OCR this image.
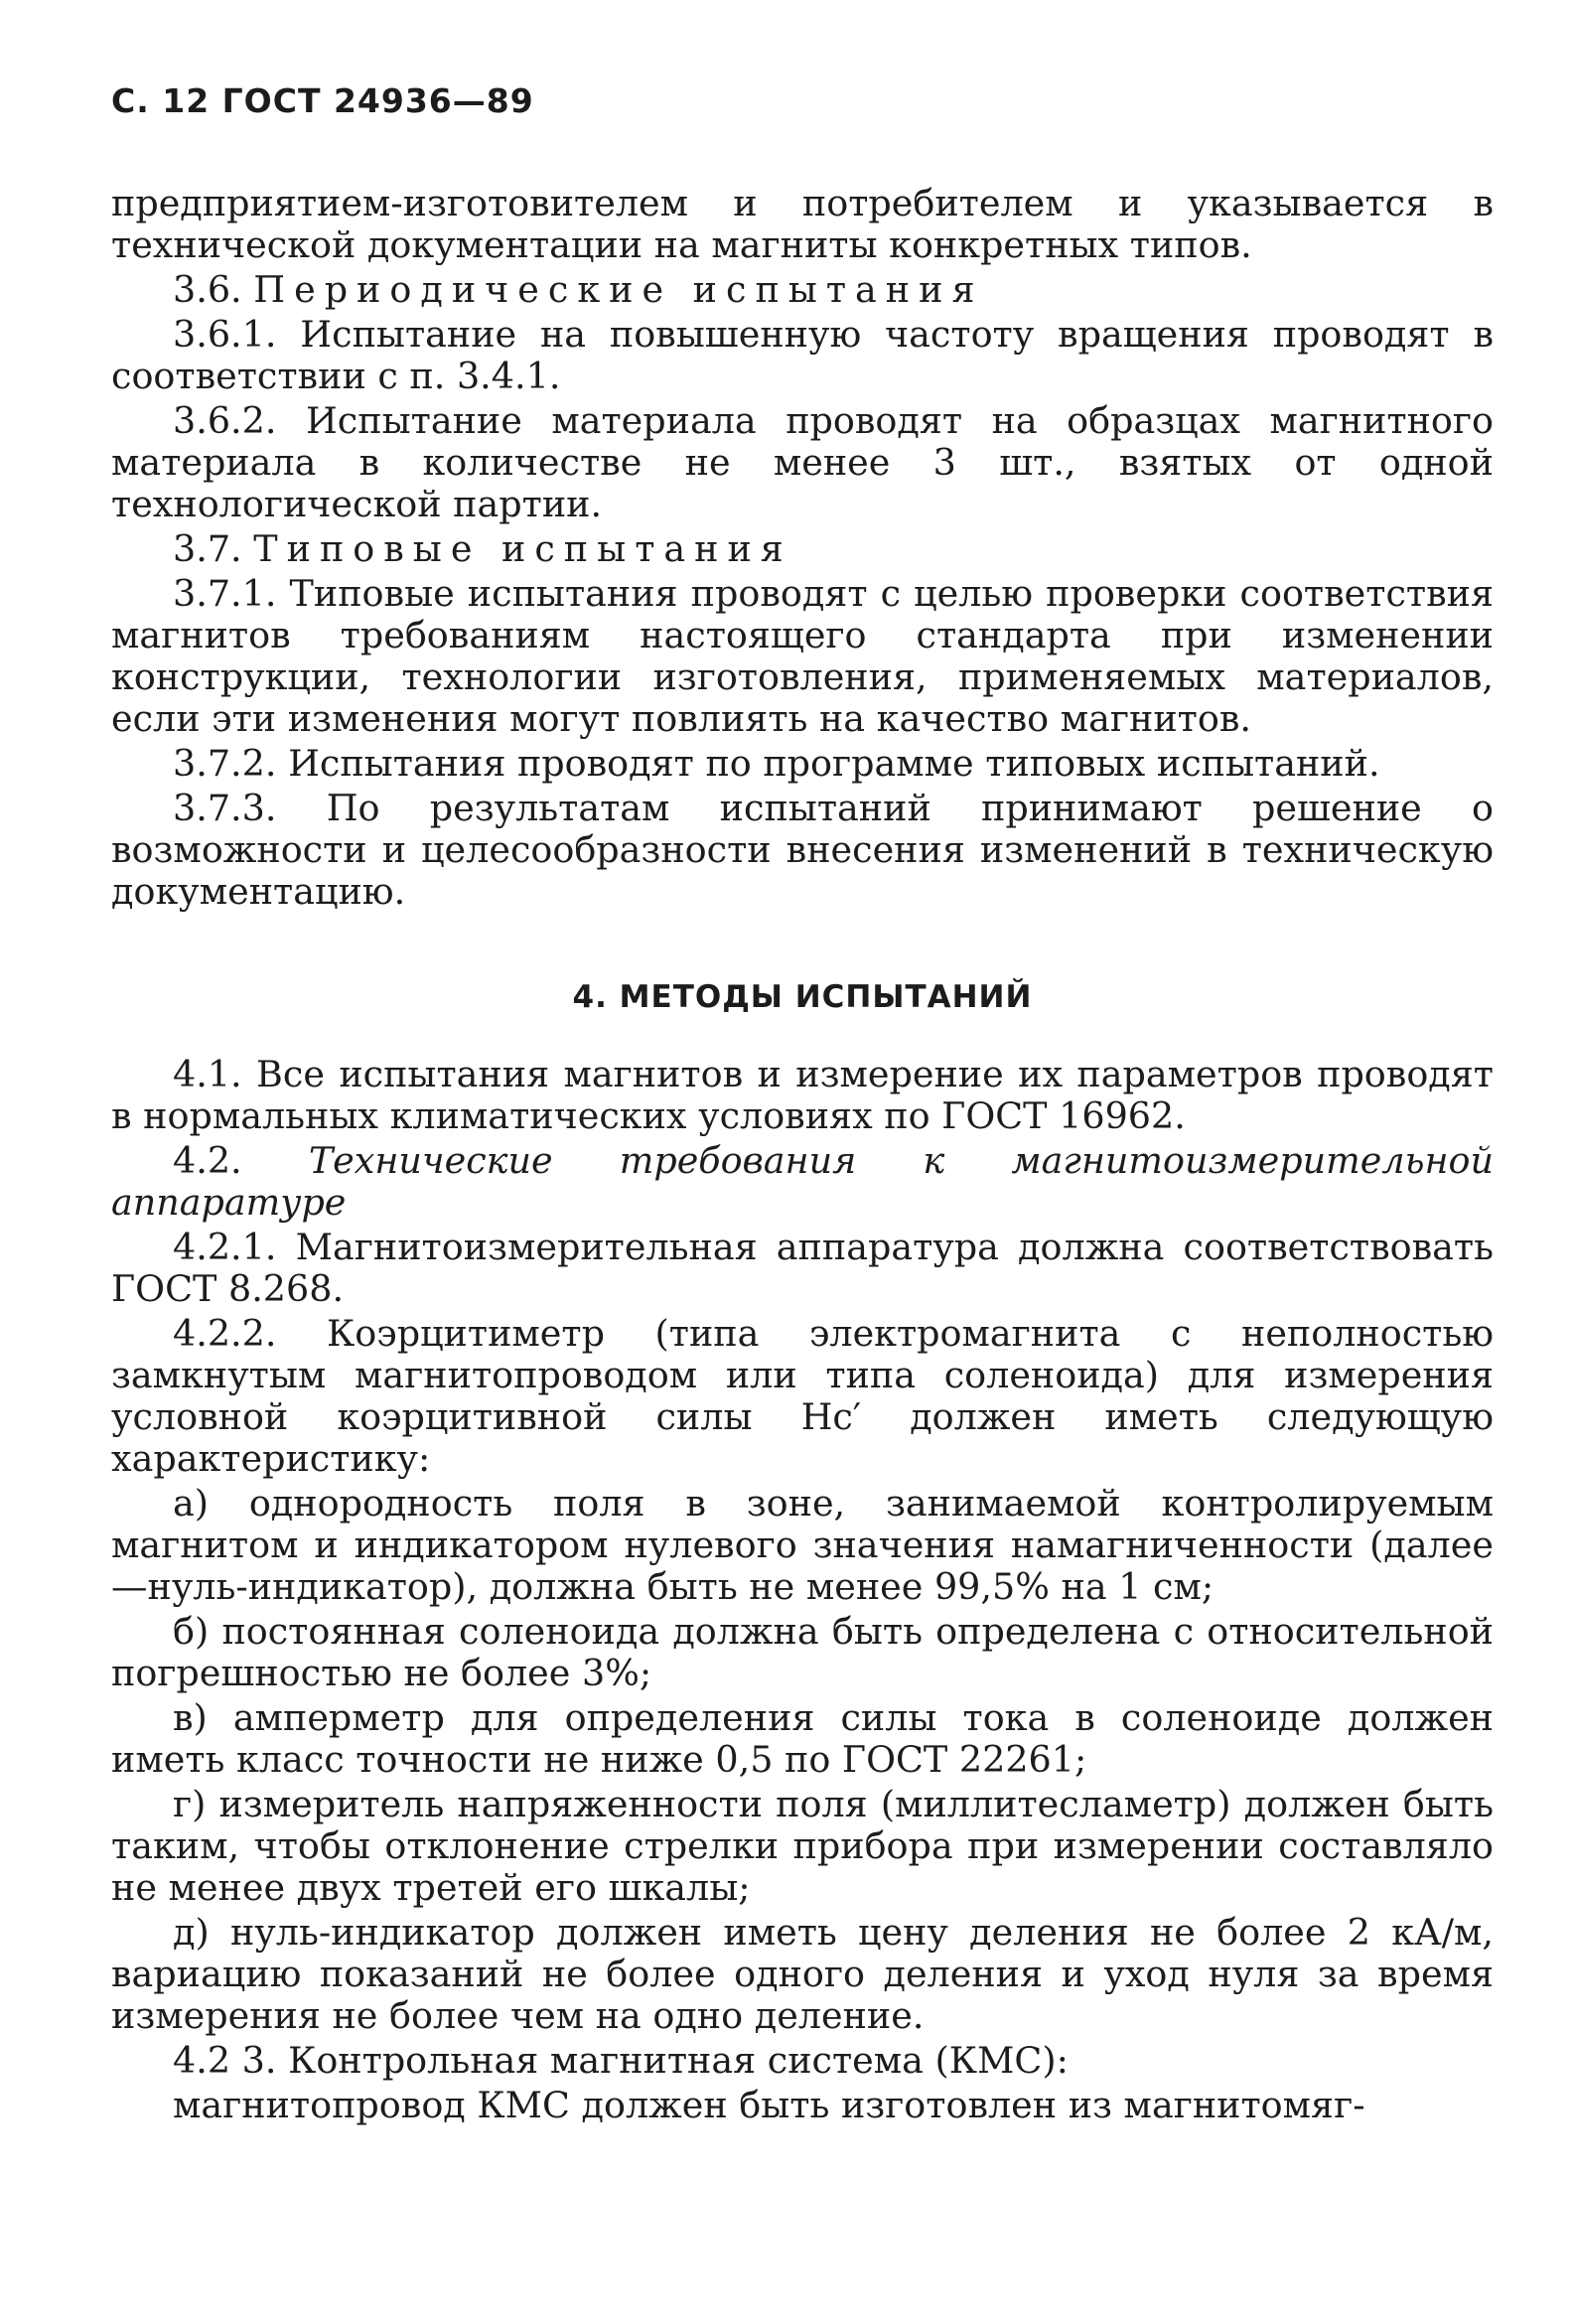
С. 12 ГОСТ 24936—89

предприятием-изготовителем и потребителем и указывается в технической документации на магниты конкретных типов.

3.6. Периодические испытания

3.6.1. Испытание на повышенную частоту вращения проводят в соответствии с п. 3.4.1.

3.6.2. Испытание материала проводят на образцах магнитного материала в количестве не менее 3 шт., взятых от одной технологической партии.

3.7. Типовые испытания

3.7.1. Типовые испытания проводят с целью проверки соответствия магнитов требованиям настоящего стандарта при изменении конструкции, технологии изготовления, применяемых материалов, если эти изменения могут повлиять на качество магнитов.

3.7.2. Испытания проводят по программе типовых испытаний.

3.7.3. По результатам испытаний принимают решение о возможности и целесообразности внесения изменений в техническую документацию.

4. МЕТОДЫ ИСПЫТАНИЙ

4.1. Все испытания магнитов и измерение их параметров проводят в нормальных климатических условиях по ГОСТ 16962.

4.2. Технические требования к магнитоизмерительной аппаратуре

4.2.1. Магнитоизмерительная аппаратура должна соответствовать ГОСТ 8.268.

4.2.2. Коэрцитиметр (типа электромагнита с неполностью замкнутым магнитопроводом или типа соленоида) для измерения условной коэрцитивной силы Нс′ должен иметь следующую характеристику:

а) однородность поля в зоне, занимаемой контролируемым магнитом и индикатором нулевого значения намагниченности (далее—нуль-индикатор), должна быть не менее 99,5% на 1 см;

б) постоянная соленоида должна быть определена с относительной погрешностью не более 3%;

в) амперметр для определения силы тока в соленоиде должен иметь класс точности не ниже 0,5 по ГОСТ 22261;

г) измеритель напряженности поля (миллитесламетр) должен быть таким, чтобы отклонение стрелки прибора при измерении составляло не менее двух третей его шкалы;

д) нуль-индикатор должен иметь цену деления не более 2 кА/м, вариацию показаний не более одного деления и уход нуля за время измерения не более чем на одно деление.

4.2 3. Контрольная магнитная система (КМС):

магнитопровод КМС должен быть изготовлен из магнитомяг-
